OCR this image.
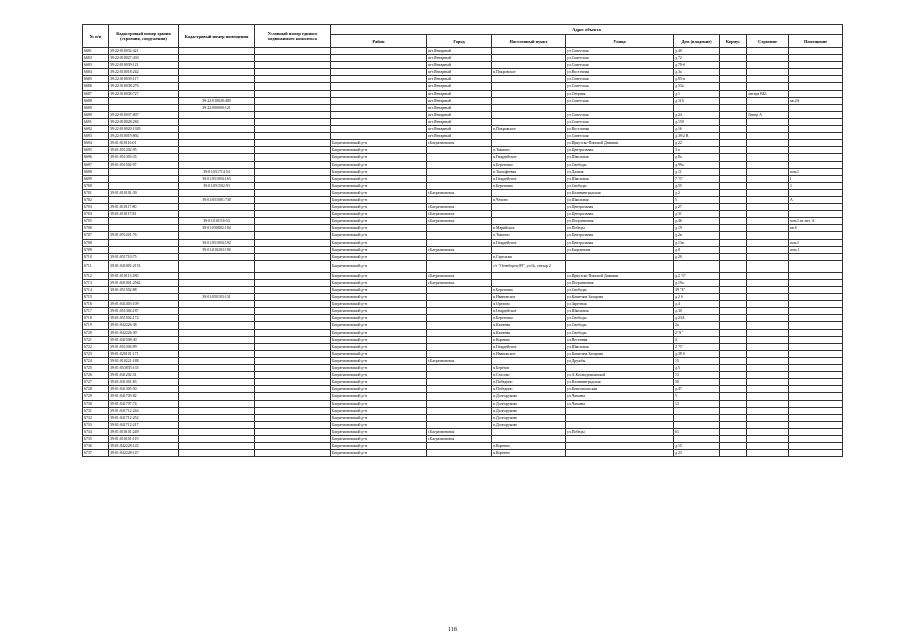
№ п/п	Кадастровый номер здания (строения, сооружения)	Кадастровый номер помещения	Условный номер единого недвижимого комплекса	Адрес объекта							
				Район	Город	Населенный пункт	Улица	Дом (владение)	Корпус	Строение	Помещение
6681	39:22:010032:421				пгт.Янтарный		ул.Советская	д.40			
6682	39:22:010027:430				пгт.Янтарный		ул.Советская	д.72			
6683	39:22:010039:121				пгт.Янтарный		ул.Советская	д.79-б			
6684	39:22:010018:242				пгт.Янтарный	п.Покровское	ул.Восточная	д.3а			
6685	39:22:010039:117				пгт.Янтарный		ул.Советская	д.85-в			
6686	39:22:010038:276				пгт.Янтарный		ул.Советская	д.53а			
6687	39:22:010038:727				пгт.Янтарный		ул.Озерная	д.1		литера ВБ1	
6688		39:22:010020:489			пгт.Янтарный		ул.Советская	д.116			кв.2А
6689		39:22:000000:121			пгт.Янтарный						
6690	39:22:010037:807				пгт.Янтарный		ул.Советская	д.24		Литер А	
6691	39:22:010028:284				пгт.Янтарный		ул.Советская	д.150			
6692	39:22:010020:1929				пгт.Янтарный	п.Покровское	ул.Восточная	д.16			
6693	39:22:010019:892				пгт.Янтарный		ул.Советская	д.39/2 В			
6694	39:01:010116:01			Багратионовский р-н	г.Багратионовск		ул.Иркутско-Пинской Дивизии	д.22			
6695	39:01:051202:95			Багратионовский р-н		п.Тишино	ул.Центральная	3 а			
6696	39:01:051303:35			Багратионовский р-н		п.Гвардейское	ул.Школьная	д.8а			
6697	39:01:051502:97			Багратионовский р-н		п.Березовка	ул.Свободы	д.99а			
6698		39:01:051714:54		Багратионовский р-н		п.Тимофеевка	ул.Дачная	д.11			пом.I
6699		39:01:051004:163		Багратионовский р-н		п.Гвардейское	ул.Школьная	7 "б"			I
6700		39:01:051502:93		Багратионовский р-н		п.Березовка	ул.Свободы	д.55			1
6701	39:01:010101:39			Багратионовский р-н	г.Багратионовск		ул.Калининградская	д.2			
6702		39:01:051001:730		Багратионовский р-н		п.Чехово	ул.Школьная	5			А
6703	39:01:010117:80			Багратионовский р-н	г.Багратионовск		ул.Центральная	д.27			
6704	39:01:010117:81			Багратионовский р-н	г.Багратионовск		ул.Центральная	д.31			
6705		39:01:010116:53		Багратионовский р-н	г.Багратионовск		ул.Пограничная	д.46			пом.I из лит. А
6706		39:01:050802:184		Багратионовский р-н		п.Марийское	ул.Победы	д.19			кв.6
6707	39:01:051201:76			Багратионовский р-н		п.Тишино	ул.Центральная	д.2в			
6708		39:01:051004:192		Багратионовский р-н		п.Гвардейское	ул.Центральная	д.13в			пом.I
6709		39:01:010203:190		Багратионовский р-н	г.Багратионовск		ул.Багратиона	д.8			пом.1
6710	39:01:051710:75			Багратионовский р-н		п.Стрельня		д.20			
6711	39:01:041001:2153			Багратионовский р-н		с/т "Огнеборец-89", ул.№, сектор 2					
6712	39:01:010113:180			Багратионовский р-н	г.Багратионовск		ул.Иркутско-Пинской Дивизии	д.2 "б"			
6713	39:01:041001:2562			Багратионовский р-н	г.Багратионовск		ул.Пограничная	д.19а			
6714	39:01:051502:88			Багратионовский р-н		п.Березовка	ул.Свободы	39 "Б"			
6715		39:01:050103:131		Багратионовский р-н		п.Ивановское	ул.Капитана Захарова	д.2 б			
6716	39:01:041403:109			Багратионовский р-н		п.Орехово	ул.Заречная	д.4			
6717	39:01:051304:187			Багратионовский р-н		п.Гвардейское	ул.Школьная	д.30			
6718	39:01:051502:172			Багратионовский р-н		п.Березовка	ул.Свободы	д.23А			
6719	39:01:042226:38			Багратионовский р-н		п.Каменка	ул.Свободы	2а			
6720	39:01:042226:39			Багратионовский р-н		п.Каменка	ул.Свободы	2"А"			
6721	39:01:041508:40			Багратионовский р-н		п.Корнево	ул.Весенняя	4			
6722	39:01:051304:99			Багратионовский р-н		п.Гвардейское	ул.Школьная	2 "б"			
6723	39:01:020101:171			Багратионовский р-н		п.Ивановское	ул.Капитана Захарова	д.38 б			
6724	39:01:010221:188			Багратионовский р-н	г.Багратионовск		ул.Дружбы	15			
6725	39:01:053835:135			Багратионовский р-н		п.Берёзов		д.5			
6726	39:01:041202:31			Багратионовский р-н		п.Стасово	ул.А.Космодемьянской	15			
6727	39:01:041301:83			Багратионовский р-н		п.Победино	ул.Калининградская	50			
6728	39:01:041305:50			Багратионовский р-н		п.Победино	ул.Комсомольская	д.47			
6729	39:01:041705:82			Багратионовский р-н		п.Долгоруково	ул.Чапаева	5			
6730	39:01:041707:74			Багратионовский р-н		п.Долгоруково	ул.Чапаева	12			
6731	39:01:041712:244			Багратионовский р-н		п.Долгоруково					
6732	39:01:041712:252			Багратионовский р-н		п.Долгоруково					
6733	39:01:041712:217			Багратионовский р-н		п.Долгоруково					
6734	39:01:010101:249			Багратионовский р-н	г.Багратионовск		ул.Победы	61			
6735	39:01:010101:119			Багратионовский р-н	г.Багратионовск						
6736	39:01:042228:145			Багратионовский р-н		п.Корнево		д.15			
6737	39:01:042228:147			Багратионовский р-н		п.Корнево		д.23			
118
